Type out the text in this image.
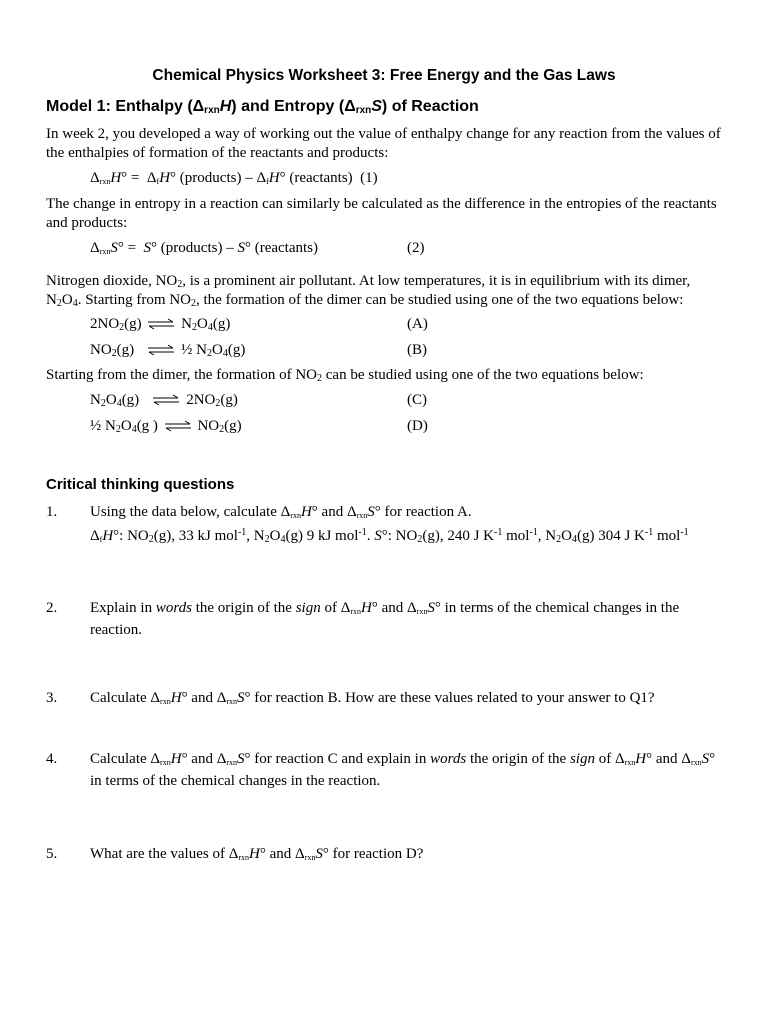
Chemical Physics Worksheet 3: Free Energy and the Gas Laws
Model 1: Enthalpy $(\Delta_{rxn}H)$ and Entropy $(\Delta_{rxn}S)$ of Reaction
In week 2, you developed a way of working out the value of enthalpy change for any reaction from the values of the enthalpies of formation of the reactants and products:
ΔrxnH° =  ΔfH° (products) – ΔfH° (reactants) (1)
The change in entropy in a reaction can similarly be calculated as the difference in the entropies of the reactants and products:
ΔrxnS° =  S° (products) – S° (reactants)	(2)
Nitrogen dioxide, $NO_2$, is a prominent air pollutant. At low temperatures, it is in equilibrium with its dimer,
$N_2O_4$. Starting from $NO_2$, the formation of the dimer can be studied using one of the two equations below:
$2NO_2(g)$ ⇌ $N_2O_4(g)$	(A)
$NO_2(g)$ ⇌ ½ $N_2O_4(g)$	(B)
Starting from the dimer, the formation of $NO_2$ can be studied using one of the two equations below:
$N_2O_4(g)$ ⇌ $2NO_2(g)$	(C)
½ $N_2O_4(g$ ) ⇌ $NO_2(g)$	(D)
Critical thinking questions
1. Using the data below, calculate ΔrxnH° and ΔrxnS° for reaction A.
ΔfH°: $NO_2(g)$, 33 kJ mol$^{-1}$, $N_2O_4(g)$ 9 kJ mol$^{-1}$. S°: $NO_2(g)$, 240 J $K^{-1}$ mol$^{-1}$, $N_2O_4(g)$ 304 J $K^{-1}$ mol$^{-1}$
2. Explain in words the origin of the sign of ΔrxnH° and ΔrxnS° in terms of the chemical changes in the reaction.
3. Calculate ΔrxnH° and ΔrxnS° for reaction B. How are these values related to your answer to Q1?
4. Calculate ΔrxnH° and ΔrxnS° for reaction C and explain in words the origin of the sign of ΔrxnH° and ΔrxnS° in terms of the chemical changes in the reaction.
5. What are the values of ΔrxnH° and ΔrxnS° for reaction D?
